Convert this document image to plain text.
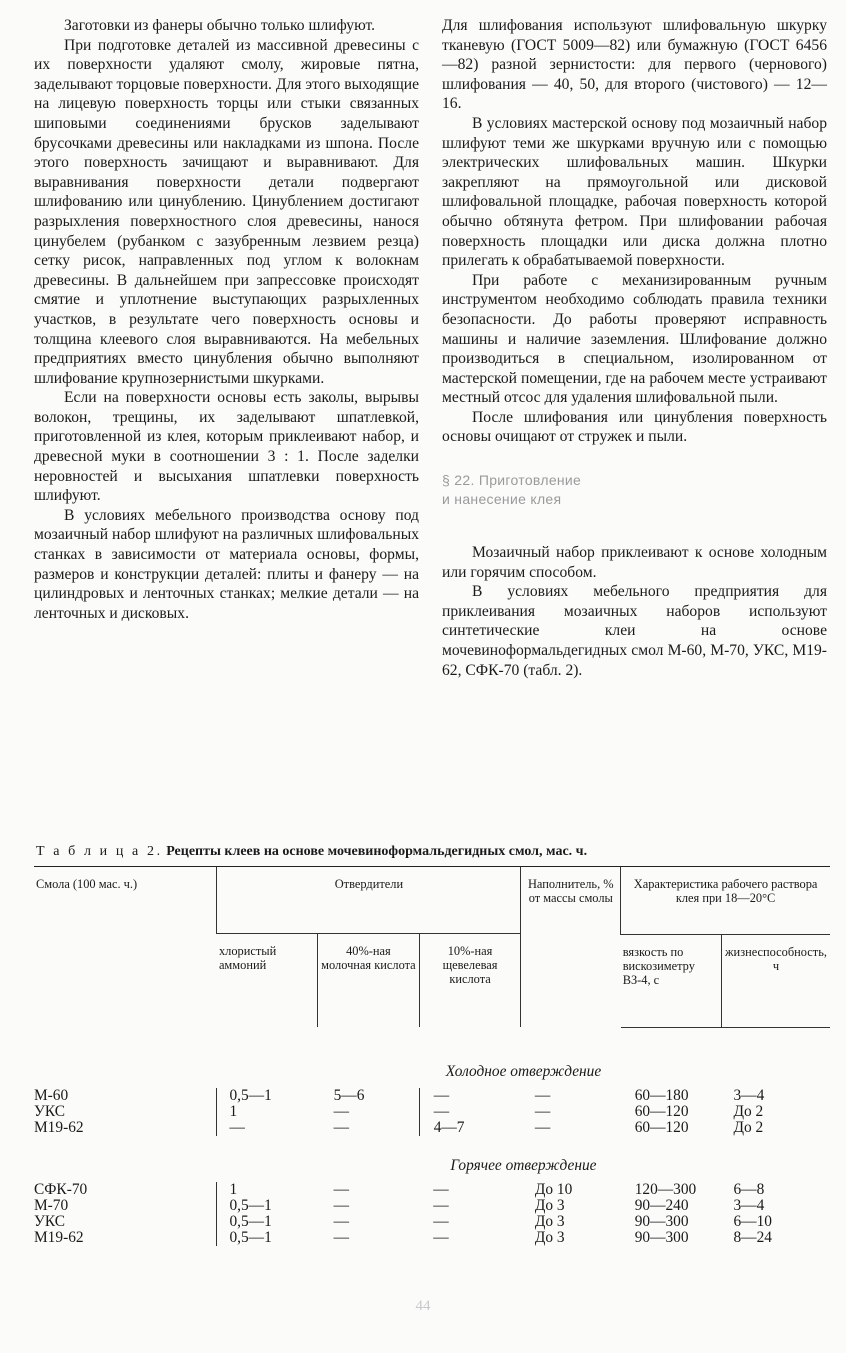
Заготовки из фанеры обычно только шлифуют.

При подготовке деталей из массивной древесины с их поверхности удаляют смолу, жировые пятна, заделывают торцовые поверхности. Для этого выходящие на лицевую поверхность торцы или стыки связанных шиповыми соединениями брусков заделывают брусочками древесины или накладками из шпона. После этого поверхность зачищают и выравнивают. Для выравнивания поверхности детали подвергают шлифованию или цинублению. Цинублением достигают разрыхления поверхностного слоя древесины, нанося цинубелем (рубанком с зазубренным лезвием резца) сетку рисок, направленных под углом к волокнам древесины. В дальнейшем при запрессовке происходят смятие и уплотнение выступающих разрыхленных участков, в результате чего поверхность основы и толщина клеевого слоя выравниваются. На мебельных предприятиях вместо цинубления обычно выполняют шлифование крупнозернистыми шкурками.

Если на поверхности основы есть заколы, вырывы волокон, трещины, их заделывают шпатлевкой, приготовленной из клея, которым приклеивают набор, и древесной муки в соотношении 3 : 1. После заделки неровностей и высыхания шпатлевки поверхность шлифуют.

В условиях мебельного производства основу под мозаичный набор шлифуют на различных шлифовальных станках в зависимости от материала основы, формы, размеров и конструкции деталей: плиты и фанеру — на цилиндровых и ленточных станках; мелкие детали — на ленточных и дисковых.

Для шлифования используют шлифовальную шкурку тканевую (ГОСТ 5009—82) или бумажную (ГОСТ 6456—82) разной зернистости: для первого (чернового) шлифования — 40, 50, для второго (чистового) — 12—16.

В условиях мастерской основу под мозаичный набор шлифуют теми же шкурками вручную или с помощью электрических шлифовальных машин. Шкурки закрепляют на прямоугольной или дисковой шлифовальной площадке, рабочая поверхность которой обычно обтянута фетром. При шлифовании рабочая поверхность площадки или диска должна плотно прилегать к обрабатываемой поверхности.

При работе с механизированным ручным инструментом необходимо соблюдать правила техники безопасности. До работы проверяют исправность машины и наличие заземления. Шлифование должно производиться в специальном, изолированном от мастерской помещении, где на рабочем месте устраивают местный отсос для удаления шлифовальной пыли.

После шлифования или цинубления поверхность основы очищают от стружек и пыли.

§ 22. Приготовление
и нанесение клея

Мозаичный набор приклеивают к основе холодным или горячим способом.

В условиях мебельного предприятия для приклеивания мозаичных наборов используют синтетические клеи на основе мочевиноформальдегидных смол М-60, М-70, УКС, М19-62, СФК-70 (табл. 2).

Т а б л и ц а 2. Рецепты клеев на основе мочевиноформальдегидных смол, мас. ч.
Смола (100 мас. ч.)	Отвердители			Наполнитель, % от массы смолы	Характеристика рабочего раствора клея при 18—20°С	
	хлористый аммоний	40%-ная молочная кислота	10%-ная щевелевая кислота			
					вязкость по вискозиметру ВЗ-4, с	жизнеспособность, ч
	Холодное отверждение					
М-60	0,5—1	5—6	—	—	60—180	3—4
УКС	1	—	—	—	60—120	До 2
М19-62	—	—	4—7	—	60—120	До 2
	Горячее отверждение					
СФК-70	1	—	—	До 10	120—300	6—8
М-70	0,5—1	—	—	До 3	90—240	3—4
УКС	0,5—1	—	—	До 3	90—300	6—10
М19-62	0,5—1	—	—	До 3	90—300	8—24
44
